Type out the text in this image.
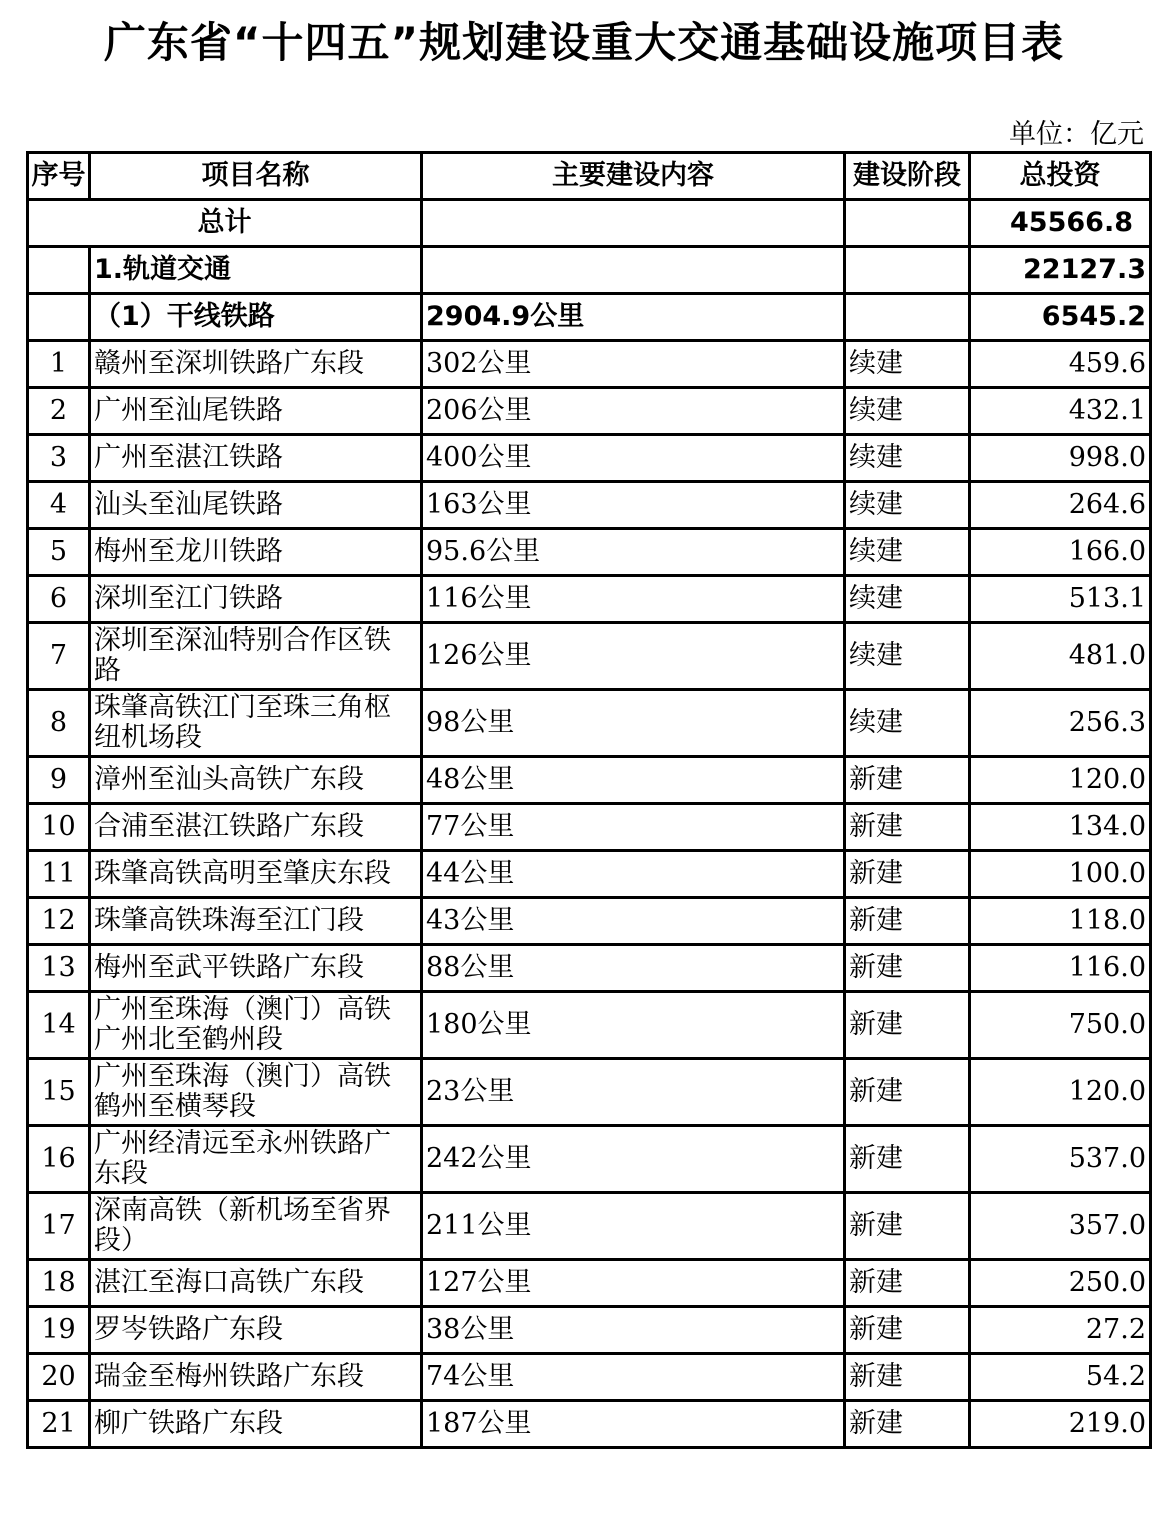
广东省“十四五”规划建设重大交通基础设施项目表
单位：亿元
序号	项目名称	主要建设内容	建设阶段	总投资
总计				45566.8
	1.轨道交通			22127.3
	（1）干线铁路	2904.9公里		6545.2
1	赣州至深圳铁路广东段	302公里	续建	459.6
2	广州至汕尾铁路	206公里	续建	432.1
3	广州至湛江铁路	400公里	续建	998.0
4	汕头至汕尾铁路	163公里	续建	264.6
5	梅州至龙川铁路	95.6公里	续建	166.0
6	深圳至江门铁路	116公里	续建	513.1
7	深圳至深汕特别合作区铁路	126公里	续建	481.0
8	珠肇高铁江门至珠三角枢纽机场段	98公里	续建	256.3
9	漳州至汕头高铁广东段	48公里	新建	120.0
10	合浦至湛江铁路广东段	77公里	新建	134.0
11	珠肇高铁高明至肇庆东段	44公里	新建	100.0
12	珠肇高铁珠海至江门段	43公里	新建	118.0
13	梅州至武平铁路广东段	88公里	新建	116.0
14	广州至珠海（澳门）高铁广州北至鹤州段	180公里	新建	750.0
15	广州至珠海（澳门）高铁鹤州至横琴段	23公里	新建	120.0
16	广州经清远至永州铁路广东段	242公里	新建	537.0
17	深南高铁（新机场至省界段）	211公里	新建	357.0
18	湛江至海口高铁广东段	127公里	新建	250.0
19	罗岑铁路广东段	38公里	新建	27.2
20	瑞金至梅州铁路广东段	74公里	新建	54.2
21	柳广铁路广东段	187公里	新建	219.0
